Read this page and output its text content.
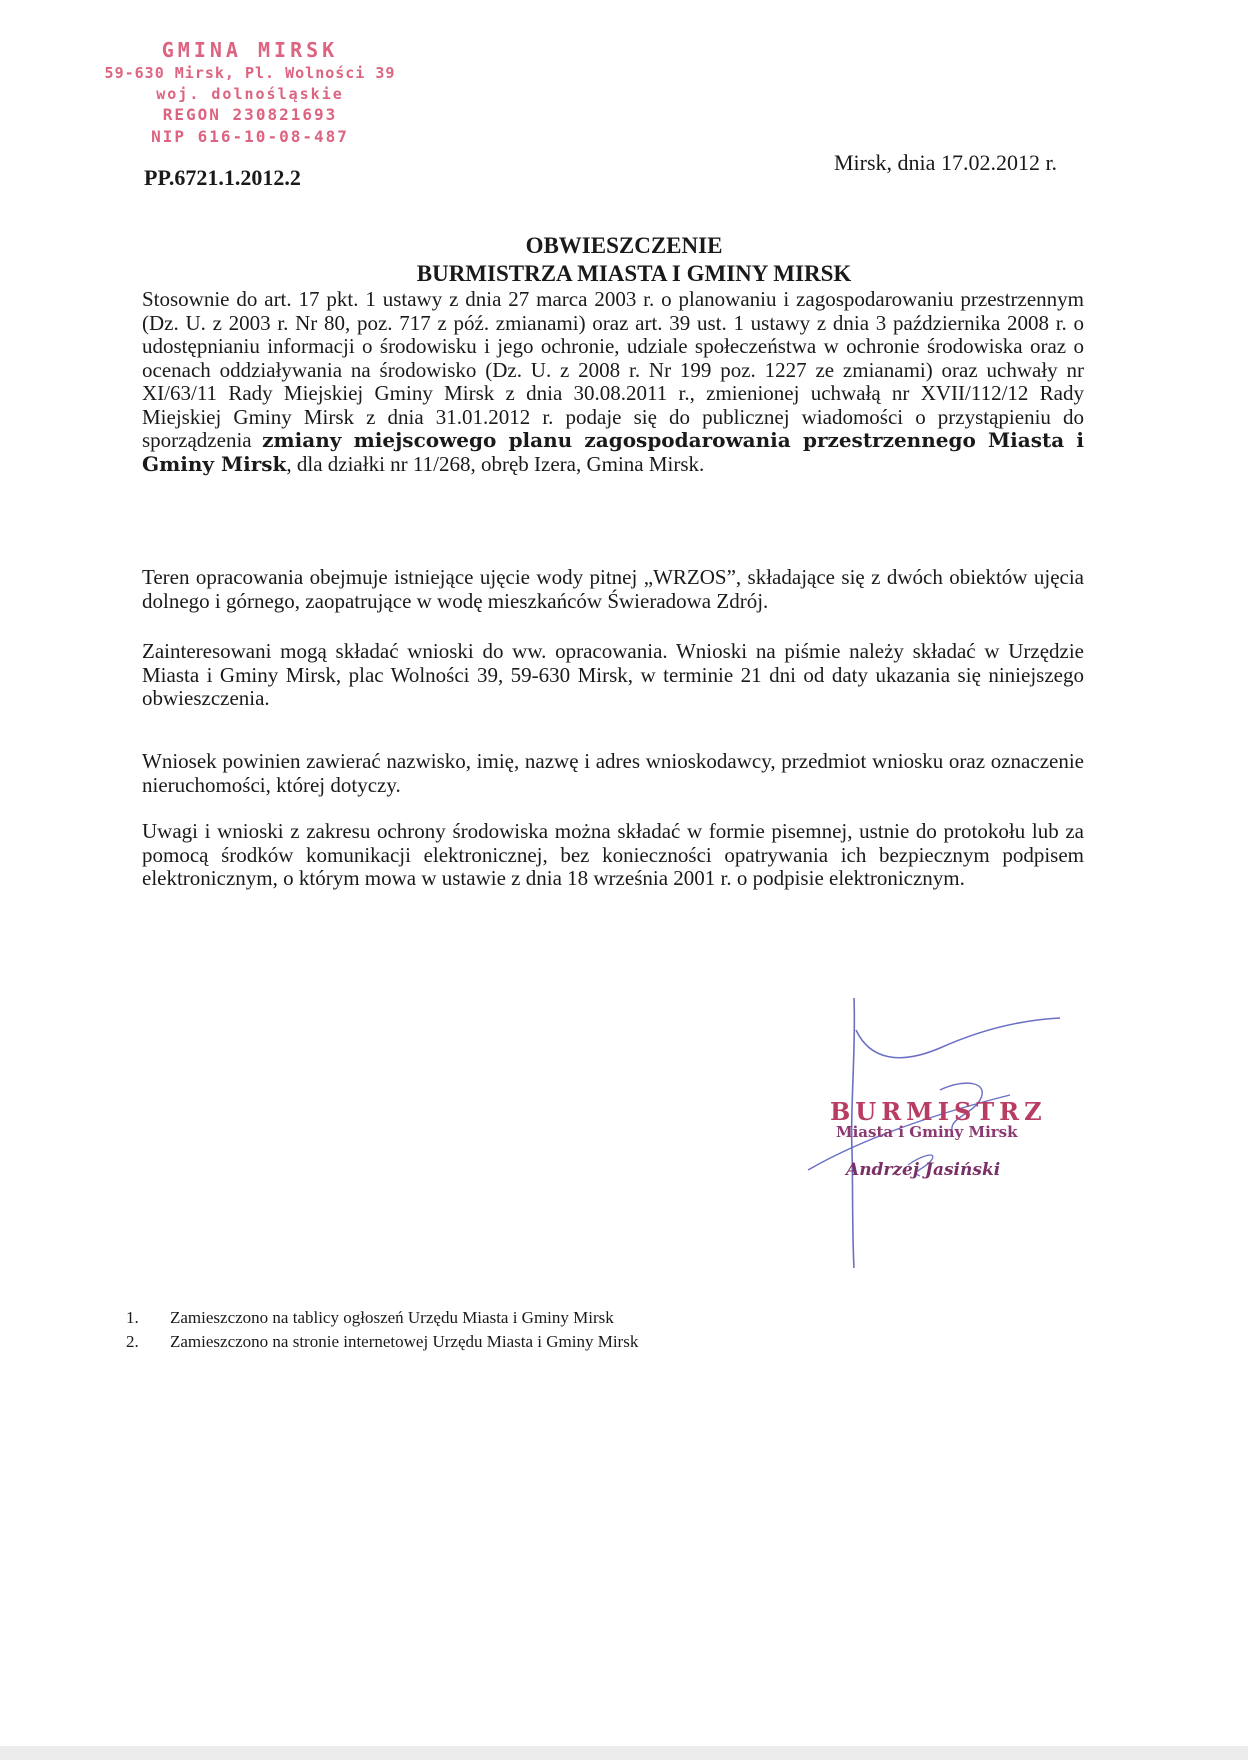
GMINA MIRSK
59-630 Mirsk, Pl. Wolności 39
woj. dolnośląskie
REGON 230821693
NIP 616-10-08-487
PP.6721.1.2012.2
Mirsk, dnia 17.02.2012 r.
OBWIESZCZENIE
BURMISTRZA MIASTA I GMINY MIRSK
Stosownie do art. 17 pkt. 1 ustawy z dnia 27 marca 2003 r. o planowaniu i zagospodarowaniu przestrzennym (Dz. U. z 2003 r. Nr 80, poz. 717 z póź. zmianami) oraz art. 39 ust. 1 ustawy z dnia 3 października 2008 r. o udostępnianiu informacji o środowisku i jego ochronie, udziale społeczeństwa w ochronie środowiska oraz o ocenach oddziaływania na środowisko (Dz. U. z 2008 r. Nr 199 poz. 1227 ze zmianami) oraz uchwały nr XI/63/11 Rady Miejskiej Gminy Mirsk z dnia 30.08.2011 r., zmienionej uchwałą nr XVII/112/12 Rady Miejskiej Gminy Mirsk z dnia 31.01.2012 r. podaje się do publicznej wiadomości o przystąpieniu do sporządzenia zmiany miejscowego planu zagospodarowania przestrzennego Miasta i Gminy Mirsk, dla działki nr 11/268, obręb Izera, Gmina Mirsk.
Teren opracowania obejmuje istniejące ujęcie wody pitnej „WRZOS”, składające się z dwóch obiektów ujęcia dolnego i górnego, zaopatrujące w wodę mieszkańców Świeradowa Zdrój.
Zainteresowani mogą składać wnioski do ww. opracowania. Wnioski na piśmie należy składać w Urzędzie Miasta i Gminy Mirsk, plac Wolności 39, 59-630 Mirsk, w terminie 21 dni od daty ukazania się niniejszego obwieszczenia.
Wniosek powinien zawierać nazwisko, imię, nazwę i adres wnioskodawcy, przedmiot wniosku oraz oznaczenie nieruchomości, której dotyczy.
Uwagi i wnioski z zakresu ochrony środowiska można składać w formie pisemnej, ustnie do protokołu lub za pomocą środków komunikacji elektronicznej, bez konieczności opatrywania ich bezpiecznym podpisem elektronicznym, o którym mowa w ustawie z dnia 18 września 2001 r. o podpisie elektronicznym.
BURMISTRZ
Miasta i Gminy Mirsk
Andrzej Jasiński
1.	Zamieszczono na tablicy ogłoszeń Urzędu Miasta i Gminy Mirsk
2.	Zamieszczono na stronie internetowej Urzędu Miasta i Gminy Mirsk
